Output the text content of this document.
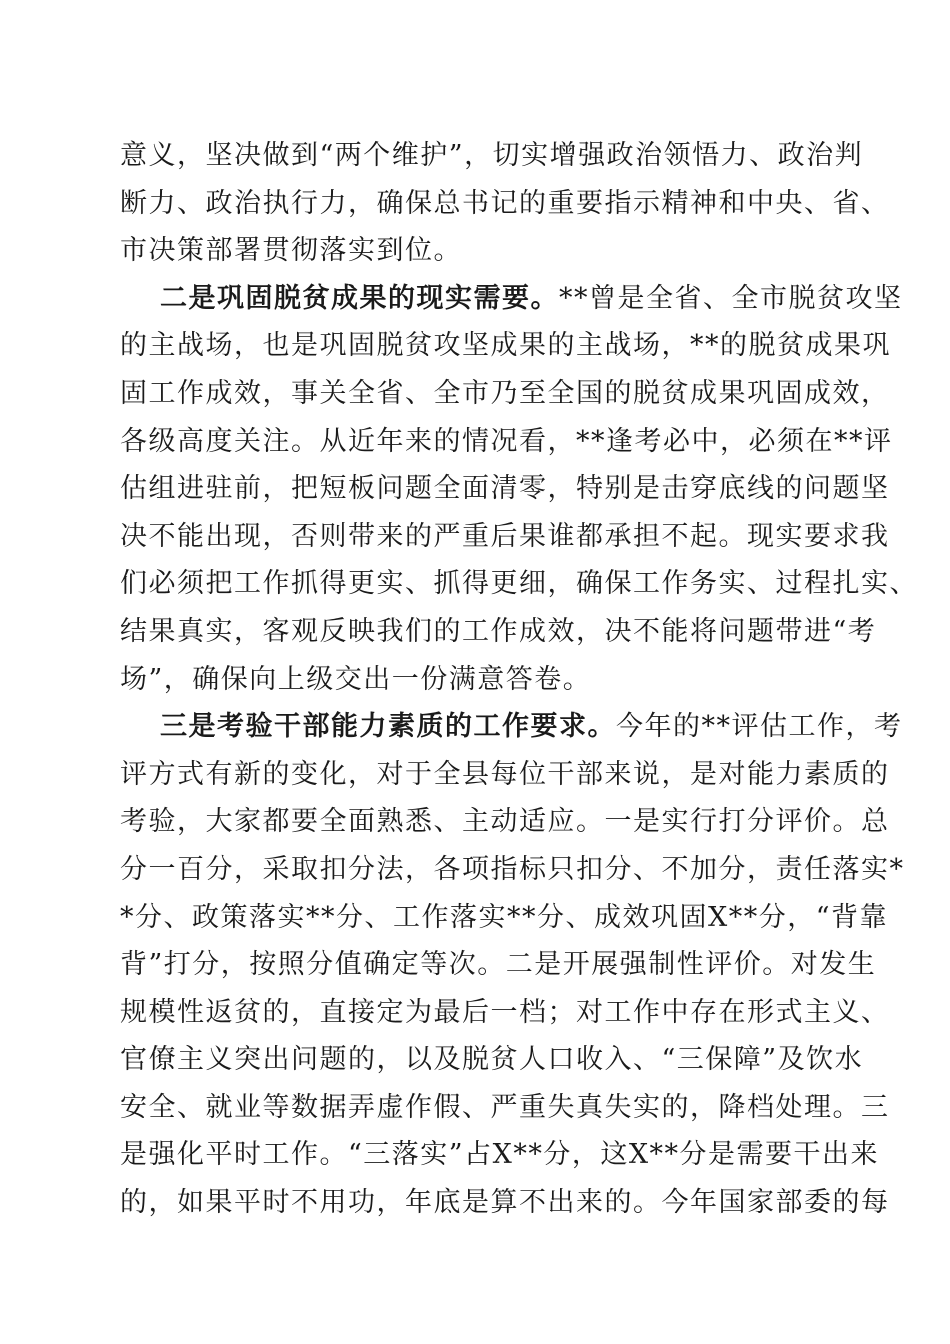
意义，坚决做到“两个维护”，切实增强政治领悟力、政治判
断力、政治执行力，确保总书记的重要指示精神和中央、省、
市决策部署贯彻落实到位。
二是巩固脱贫成果的现实需要。**曾是全省、全市脱贫攻坚
的主战场，也是巩固脱贫攻坚成果的主战场，**的脱贫成果巩
固工作成效，事关全省、全市乃至全国的脱贫成果巩固成效，
各级高度关注。从近年来的情况看，**逢考必中，必须在**评
估组进驻前，把短板问题全面清零，特别是击穿底线的问题坚
决不能出现，否则带来的严重后果谁都承担不起。现实要求我
们必须把工作抓得更实、抓得更细，确保工作务实、过程扎实、
结果真实，客观反映我们的工作成效，决不能将问题带进“考
场”，确保向上级交出一份满意答卷。
三是考验干部能力素质的工作要求。今年的**评估工作，考
评方式有新的变化，对于全县每位干部来说，是对能力素质的
考验，大家都要全面熟悉、主动适应。一是实行打分评价。总
分一百分，采取扣分法，各项指标只扣分、不加分，责任落实*
*分、政策落实**分、工作落实**分、成效巩固X**分，“背靠
背”打分，按照分值确定等次。二是开展强制性评价。对发生
规模性返贫的，直接定为最后一档；对工作中存在形式主义、
官僚主义突出问题的，以及脱贫人口收入、“三保障”及饮水
安全、就业等数据弄虚作假、严重失真失实的，降档处理。三
是强化平时工作。“三落实”占X**分，这X**分是需要干出来
的，如果平时不用功，年底是算不出来的。今年国家部委的每
